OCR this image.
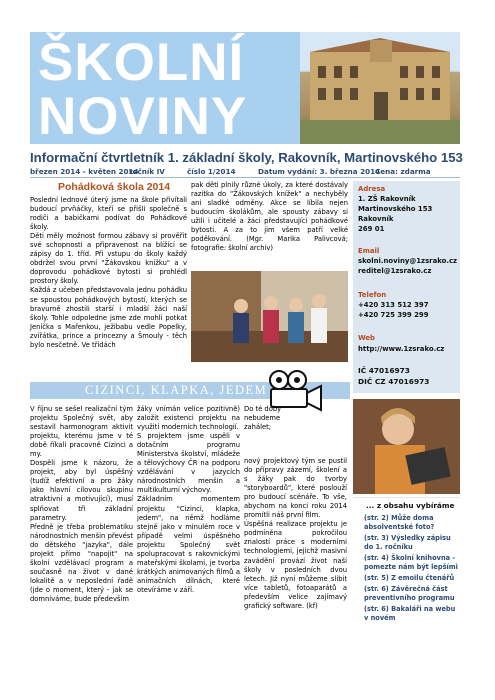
ŠKOLNÍ
NOVINY
Informační čtvrtletník 1. základní školy, Rakovník, Martinovského 153
březen 2014 - květen 2014ročník IV	číslo 1/2014	Datum vydání: 3. března 2014Cena: zdarma
Pohádková škola 2014

Poslední lednové úterý jsme na škole přivítali budoucí prvňáčky, kteří se přišli společně s rodiči a babičkami podívat do Pohádkové školy.

Děti měly možnost formou zábavy si prověřit své schopnosti a připravenost na blížící se zápisy do 1. tříd. Při vstupu do školy každý obdržel svou první "Žákovskou knížku" a v doprovodu pohádkové bytosti si prohlédl prostory školy.

Každá z učeben představovala jednu pohádku se spoustou pohádkových bytostí, kterých se bravurně zhostili starší i mladší žáci naší školy. Tohle odpoledne jsme zde mohli potkat Jeníčka s Mařenkou, ježibabu vedle Popelky, zvířátka, prince a princezny a Šmouly - těch bylo nesčetně. Ve třídách

pak děti plnily různé úkoly, za které dostávaly razítka do "Žákovských knížek" a nechyběly ani sladké odměny. Akce se líbila nejen budoucím školákům, ale spousty zábavy si užili i učitelé a žáci představující pohádkové bytosti. A za to jim všem patří velké poděkování. (Mgr. Marika Palivcová; fotografie: školní archiv)

Adresa
1. ZŠ Rakovník
Martinovského 153
Rakovník
269 01
Email
skolni.noviny@1zsrako.cz
reditel@1zsrako.cz
Telefon
+420 313 512 397
+420 725 399 299
Web
http://www.1zsrako.cz
IČ 47016973
DIČ CZ 47016973
CIZINCI, KLAPKA, JEDEM

V říjnu se sešel realizační tým projektu Společný svět, aby sestavil harmonogram aktivit projektu, kterému jsme v té době říkali pracovně Cizinci a my.

Dospěli jsme k názoru, že projekt, aby byl úspěšný (tudíž efektivní a pro žáky jako hlavní cílovou skupinu atraktivní a motivující), musí splňovat tři základní parametry.

Předně je třeba problematiku národnostních menšin převést do dětského "jazyka", dále projekt přímo "napojit" na školní vzdělávací program a současně na život v dané lokalitě a v neposlední řadě (jde o moment, který - jak se domníváme, bude především

žáky vnímán velice pozitivně) založit existenci projektu na využití moderních technologií.

S projektem jsme uspěli v dotačním programu Ministerstva školství, mládeže a tělovýchovy ČR na podporu vzdělávání v jazycích národnostních menšin a multikulturní výchovy.

Základním momentem projektu "Cizinci, klapka, jedem", na němž hodláme stejně jako v minulém roce v případě velmi úspěšného projektu Společný svět spolupracovat s rakovnickými mateřskými školami, je tvorba krátkých animovaných filmů a animačních dílnách, které otevíráme v září.

Do té doby nebudeme zahálet;

nový projektový tým se pustil do přípravy zázemí, školení a s žáky pak do tvorby "storyboardů", které poslouží pro budoucí scénáře. To vše, abychom na konci roku 2014 promítli náš první film.

Úspěšná realizace projektu je podmíněna pokročilou znalostí práce s moderními technologiemi, jejichž masivní zavádění provází život naší školy v posledních dvou letech. Již nyní můžeme slibit více tabletů, fotoaparátů a především velice zajímavý grafický software. (kf)

... z obsahu vybíráme
(str. 2) Může doma absolventské foto?
(str. 3) Výsledky zápisu do 1. ročníku
(str. 4) Školní knihovna - pomezte nám být lepšími
(str. 5) Z emoilu čtenářů
(str. 6) Závěrečná část preventivního programu
(str. 6) Bakaláři na webu v novém
